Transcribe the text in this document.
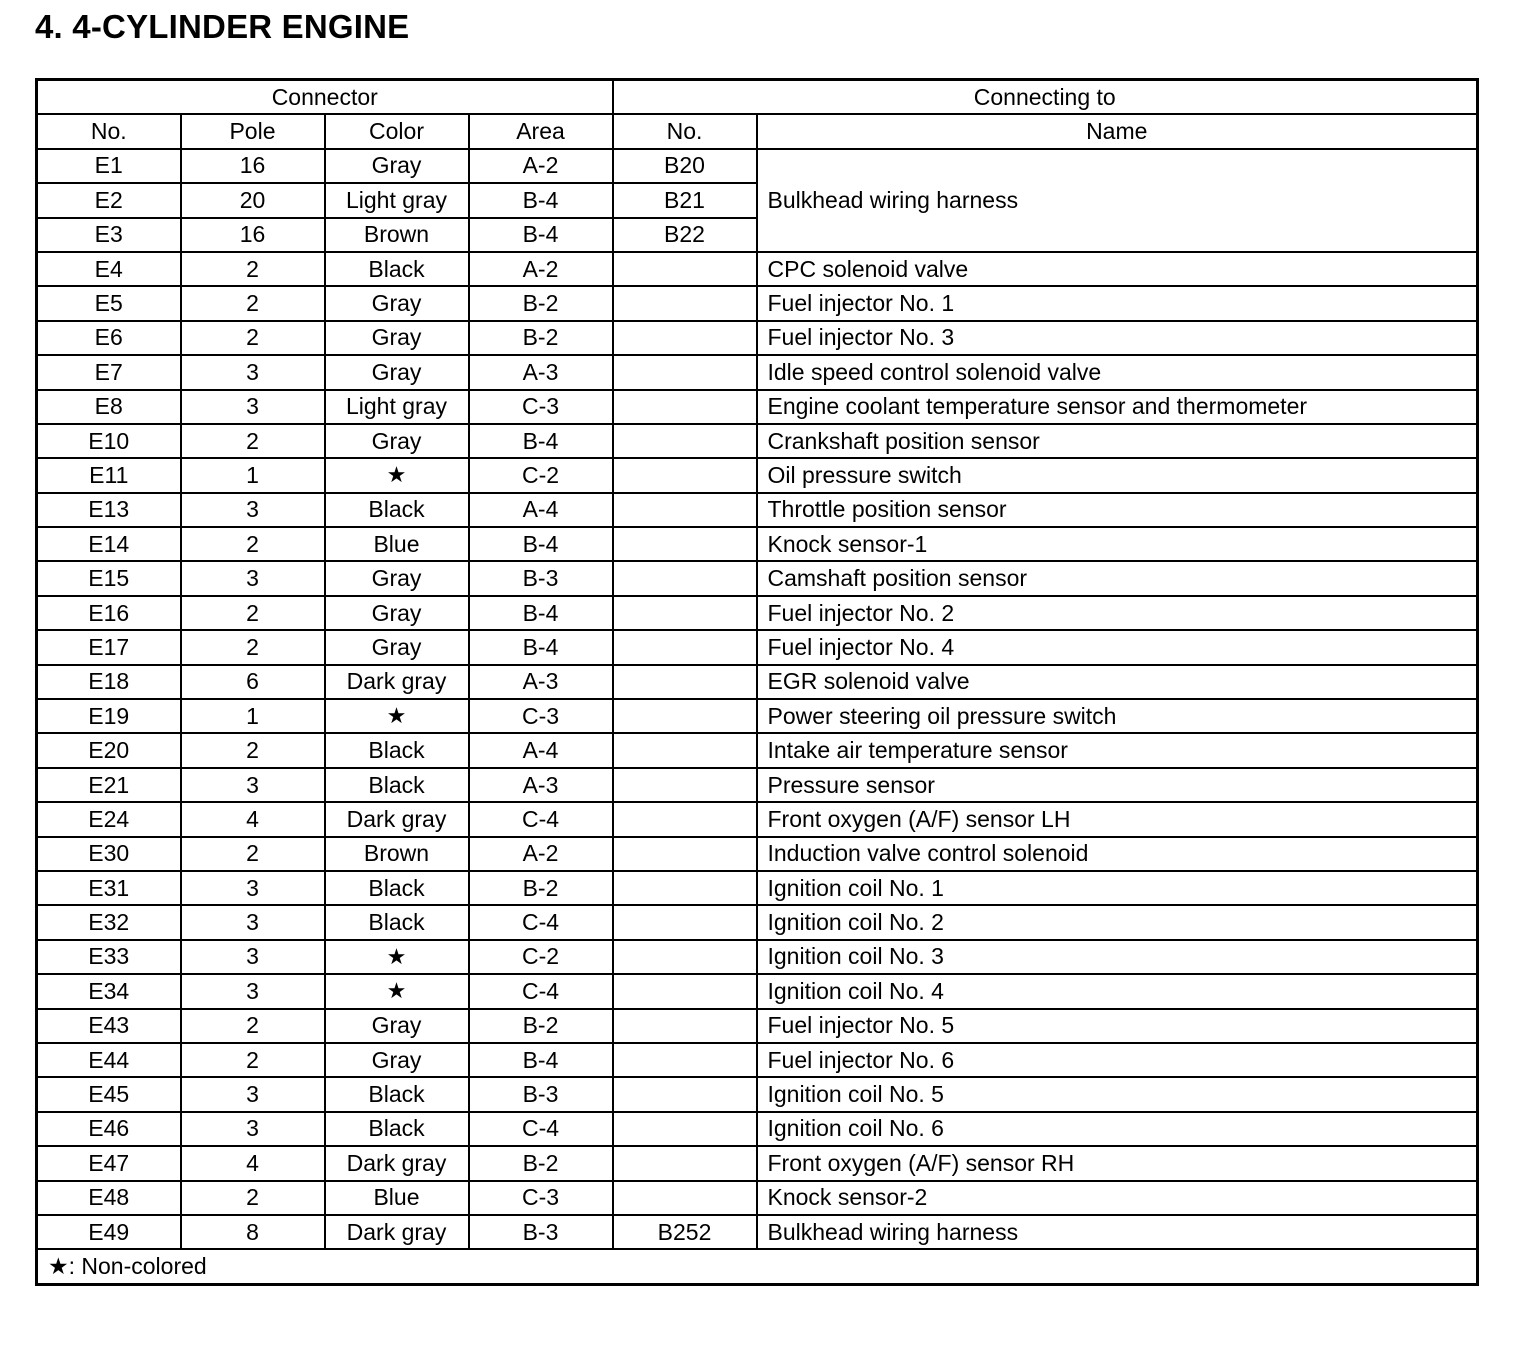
4. 4-CYLINDER ENGINE
Connector				Connecting to	
No.	Pole	Color	Area	No.	Name
E1	16	Gray	A-2	B20	Bulkhead wiring harness
E2	20	Light gray	B-4	B21	
E3	16	Brown	B-4	B22	
E4	2	Black	A-2		CPC solenoid valve
E5	2	Gray	B-2		Fuel injector No. 1
E6	2	Gray	B-2		Fuel injector No. 3
E7	3	Gray	A-3		Idle speed control solenoid valve
E8	3	Light gray	C-3		Engine coolant temperature sensor and thermometer
E10	2	Gray	B-4		Crankshaft position sensor
E11	1	★	C-2		Oil pressure switch
E13	3	Black	A-4		Throttle position sensor
E14	2	Blue	B-4		Knock sensor-1
E15	3	Gray	B-3		Camshaft position sensor
E16	2	Gray	B-4		Fuel injector No. 2
E17	2	Gray	B-4		Fuel injector No. 4
E18	6	Dark gray	A-3		EGR solenoid valve
E19	1	★	C-3		Power steering oil pressure switch
E20	2	Black	A-4		Intake air temperature sensor
E21	3	Black	A-3		Pressure sensor
E24	4	Dark gray	C-4		Front oxygen (A/F) sensor LH
E30	2	Brown	A-2		Induction valve control solenoid
E31	3	Black	B-2		Ignition coil No. 1
E32	3	Black	C-4		Ignition coil No. 2
E33	3	★	C-2		Ignition coil No. 3
E34	3	★	C-4		Ignition coil No. 4
E43	2	Gray	B-2		Fuel injector No. 5
E44	2	Gray	B-4		Fuel injector No. 6
E45	3	Black	B-3		Ignition coil No. 5
E46	3	Black	C-4		Ignition coil No. 6
E47	4	Dark gray	B-2		Front oxygen (A/F) sensor RH
E48	2	Blue	C-3		Knock sensor-2
E49	8	Dark gray	B-3	B252	Bulkhead wiring harness
★: Non-colored					
